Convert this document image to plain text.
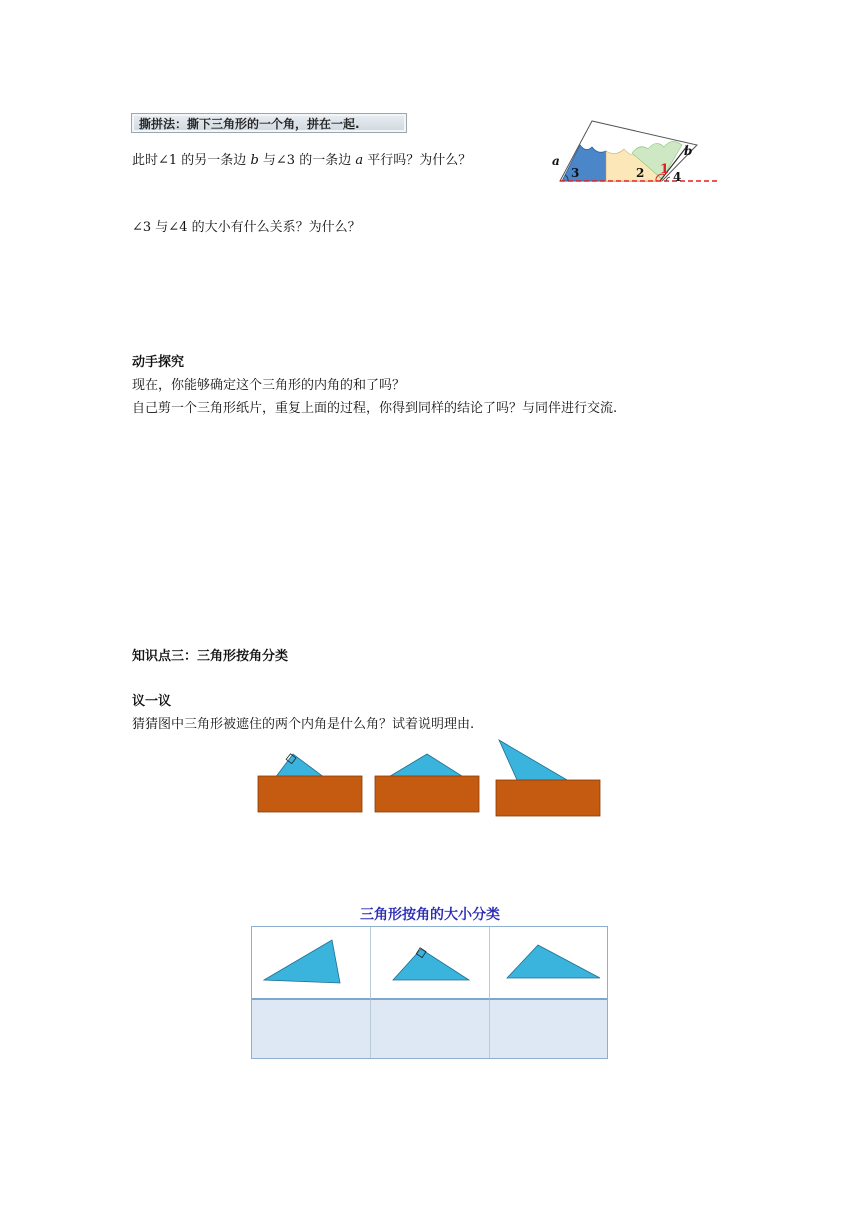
撕拼法：撕下三角形的一个角，拼在一起.
此时∠1 的另一条边 b 与∠3 的一条边 a 平行吗？为什么？	a
b
3	2 1 4
∠3 与∠4 的大小有什么关系？为什么？
动手探究
现在，你能够确定这个三角形的内角的和了吗？
自己剪一个三角形纸片，重复上面的过程，你得到同样的结论了吗？与同伴进行交流.
知识点三：三角形按角分类
议一议
猜猜图中三角形被遮住的两个内角是什么角？试着说明理由.
三角形按角的大小分类
